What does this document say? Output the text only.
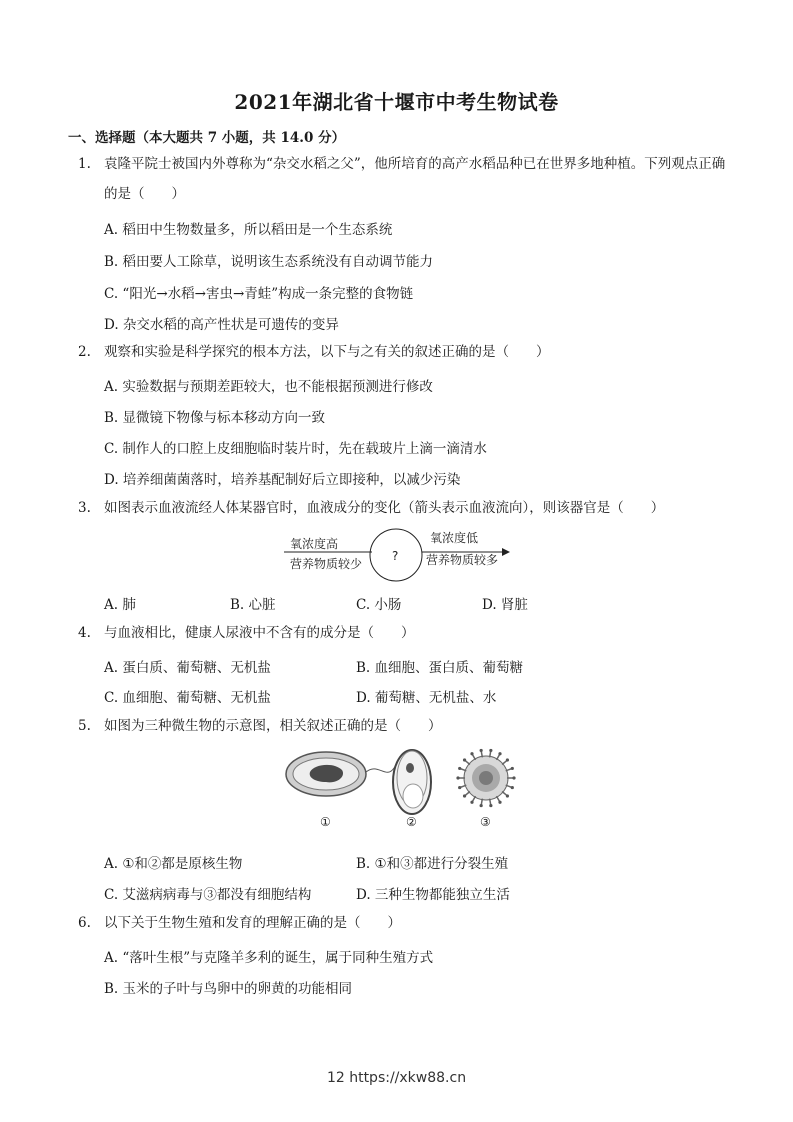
2021年湖北省十堰市中考生物试卷
一、选择题（本大题共 7 小题，共 14.0 分）
1. 袁隆平院士被国内外尊称为“杂交水稻之父”，他所培育的高产水稻品种已在世界多地种植。下列观点正确的是（　　）
A. 稻田中生物数量多，所以稻田是一个生态系统
B. 稻田要人工除草，说明该生态系统没有自动调节能力
C. “阳光→水稻→害虫→青蛙”构成一条完整的食物链
D. 杂交水稻的高产性状是可遗传的变异
2. 观察和实验是科学探究的根本方法，以下与之有关的叙述正确的是（　　）
A. 实验数据与预期差距较大，也不能根据预测进行修改
B. 显微镜下物像与标本移动方向一致
C. 制作人的口腔上皮细胞临时装片时，先在载玻片上滴一滴清水
D. 培养细菌菌落时，培养基配制好后立即接种，以减少污染
3. 如图表示血液流经人体某器官时，血液成分的变化（箭头表示血液流向），则该器官是（　　）
氧浓度高
营养物质较少
?
氧浓度低
营养物质较多
A. 肺	B. 心脏	C. 小肠	D. 肾脏
4. 与血液相比，健康人尿液中不含有的成分是（　　）
A. 蛋白质、葡萄糖、无机盐	B. 血细胞、蛋白质、葡萄糖
C. 血细胞、葡萄糖、无机盐	D. 葡萄糖、无机盐、水
5. 如图为三种微生物的示意图，相关叙述正确的是（　　）
①	②	③
A. ①和②都是原核生物	B. ①和③都进行分裂生殖
C. 艾滋病病毒与③都没有细胞结构	D. 三种生物都能独立生活
6. 以下关于生物生殖和发育的理解正确的是（　　）
A. “落叶生根”与克隆羊多利的诞生，属于同种生殖方式
B. 玉米的子叶与鸟卵中的卵黄的功能相同
12 https://xkw88.cn
